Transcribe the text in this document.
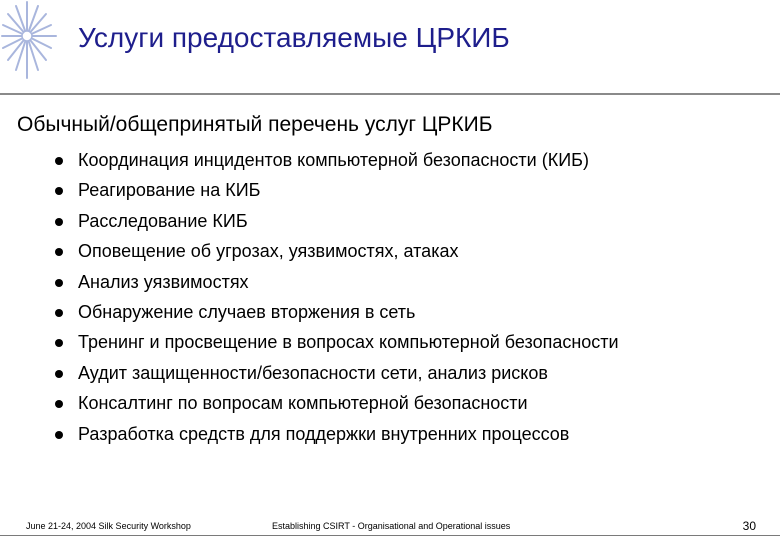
Услуги предоставляемые ЦРКИБ
Обычный/общепринятый перечень услуг ЦРКИБ
Координация инцидентов компьютерной безопасности (КИБ)
Реагирование на КИБ
Расследование КИБ
Оповещение об угрозах, уязвимостях, атаках
Анализ уязвимостях
Обнаружение случаев вторжения в сеть
Тренинг и просвещение в вопросах компьютерной безопасности
Аудит защищенности/безопасности сети, анализ рисков
Консалтинг по вопросам компьютерной безопасности
Разработка средств для поддержки внутренних процессов
June 21-24, 2004 Silk Security Workshop	Establishing CSIRT - Organisational and Operational issues	30
